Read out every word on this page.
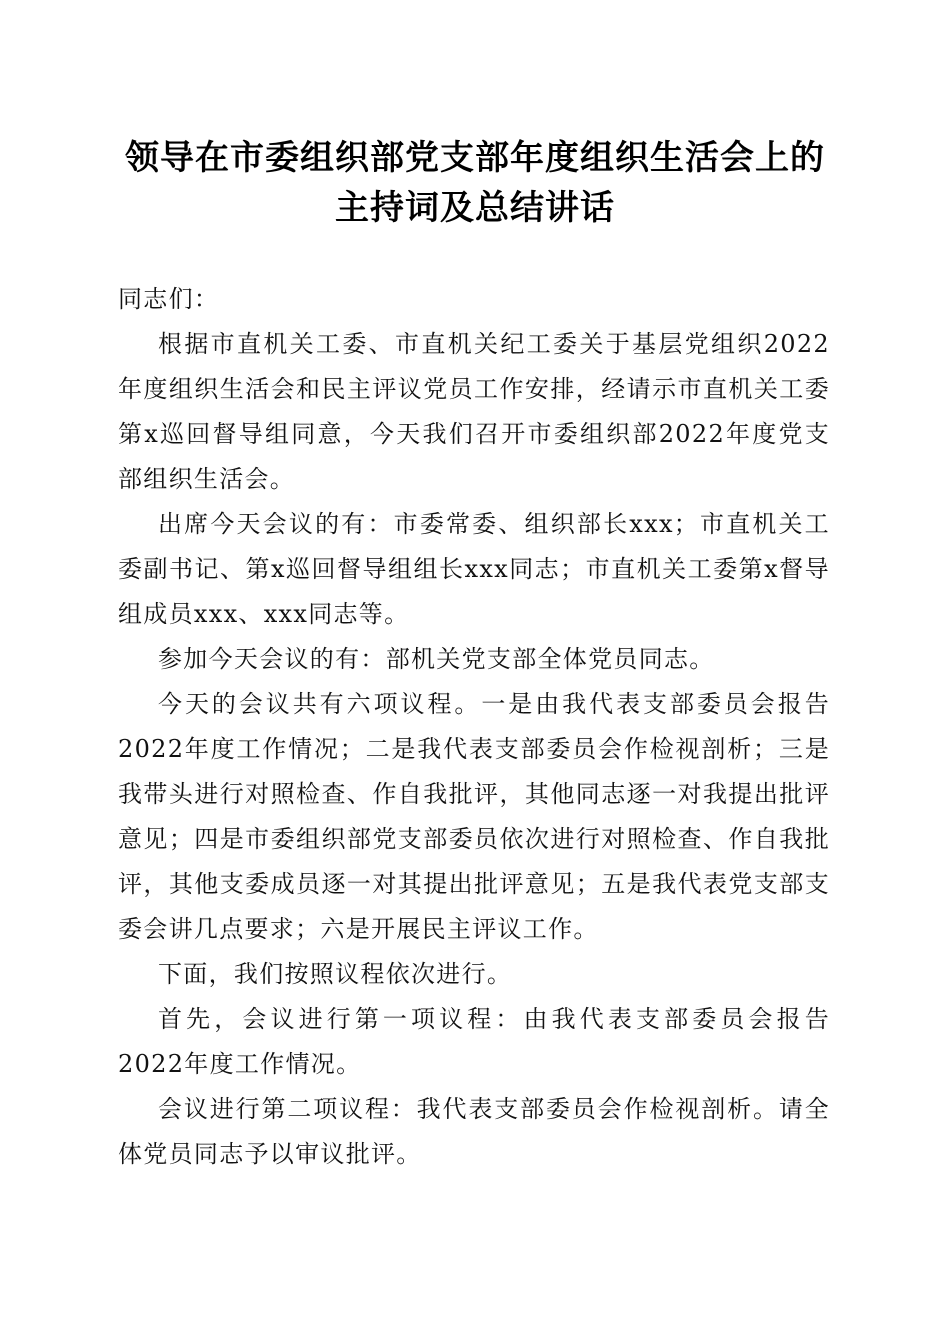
领导在市委组织部党支部年度组织生活会上的
主持词及总结讲话

同志们：

根据市直机关工委、市直机关纪工委关于基层党组织2022年度组织生活会和民主评议党员工作安排，经请示市直机关工委第x巡回督导组同意，今天我们召开市委组织部2022年度党支部组织生活会。

出席今天会议的有：市委常委、组织部长xxx；市直机关工委副书记、第x巡回督导组组长xxx同志；市直机关工委第x督导组成员xxx、xxx同志等。

参加今天会议的有：部机关党支部全体党员同志。

今天的会议共有六项议程。一是由我代表支部委员会报告2022年度工作情况；二是我代表支部委员会作检视剖析；三是我带头进行对照检查、作自我批评，其他同志逐一对我提出批评意见；四是市委组织部党支部委员依次进行对照检查、作自我批评，其他支委成员逐一对其提出批评意见；五是我代表党支部支委会讲几点要求；六是开展民主评议工作。

下面，我们按照议程依次进行。

首先，会议进行第一项议程：由我代表支部委员会报告2022年度工作情况。

会议进行第二项议程：我代表支部委员会作检视剖析。请全体党员同志予以审议批评。
